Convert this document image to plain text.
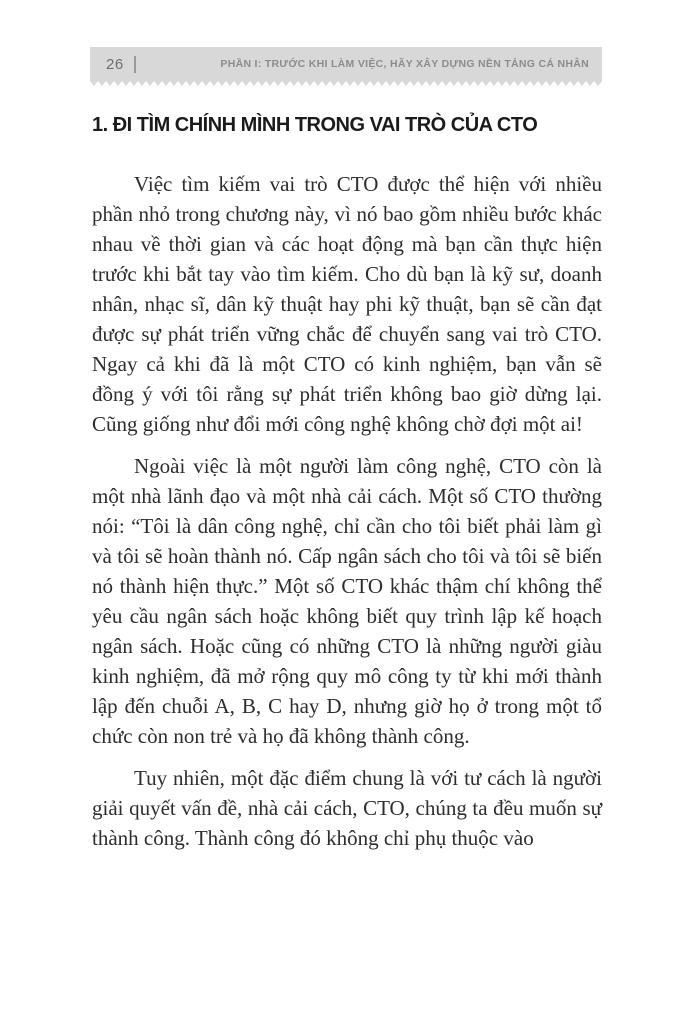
26	PHẦN I: TRƯỚC KHI LÀM VIỆC, HÃY XÂY DỰNG NỀN TẢNG CÁ NHÂN
1. ĐI TÌM CHÍNH MÌNH TRONG VAI TRÒ CỦA CTO

Việc tìm kiếm vai trò CTO được thể hiện với nhiều phần nhỏ trong chương này, vì nó bao gồm nhiều bước khác nhau về thời gian và các hoạt động mà bạn cần thực hiện trước khi bắt tay vào tìm kiếm. Cho dù bạn là kỹ sư, doanh nhân, nhạc sĩ, dân kỹ thuật hay phi kỹ thuật, bạn sẽ cần đạt được sự phát triển vững chắc để chuyển sang vai trò CTO. Ngay cả khi đã là một CTO có kinh nghiệm, bạn vẫn sẽ đồng ý với tôi rằng sự phát triển không bao giờ dừng lại. Cũng giống như đổi mới công nghệ không chờ đợi một ai!

Ngoài việc là một người làm công nghệ, CTO còn là một nhà lãnh đạo và một nhà cải cách. Một số CTO thường nói: “Tôi là dân công nghệ, chỉ cần cho tôi biết phải làm gì và tôi sẽ hoàn thành nó. Cấp ngân sách cho tôi và tôi sẽ biến nó thành hiện thực.” Một số CTO khác thậm chí không thể yêu cầu ngân sách hoặc không biết quy trình lập kế hoạch ngân sách. Hoặc cũng có những CTO là những người giàu kinh nghiệm, đã mở rộng quy mô công ty từ khi mới thành lập đến chuỗi A, B, C hay D, nhưng giờ họ ở trong một tổ chức còn non trẻ và họ đã không thành công.

Tuy nhiên, một đặc điểm chung là với tư cách là người giải quyết vấn đề, nhà cải cách, CTO, chúng ta đều muốn sự thành công. Thành công đó không chỉ phụ thuộc vào
